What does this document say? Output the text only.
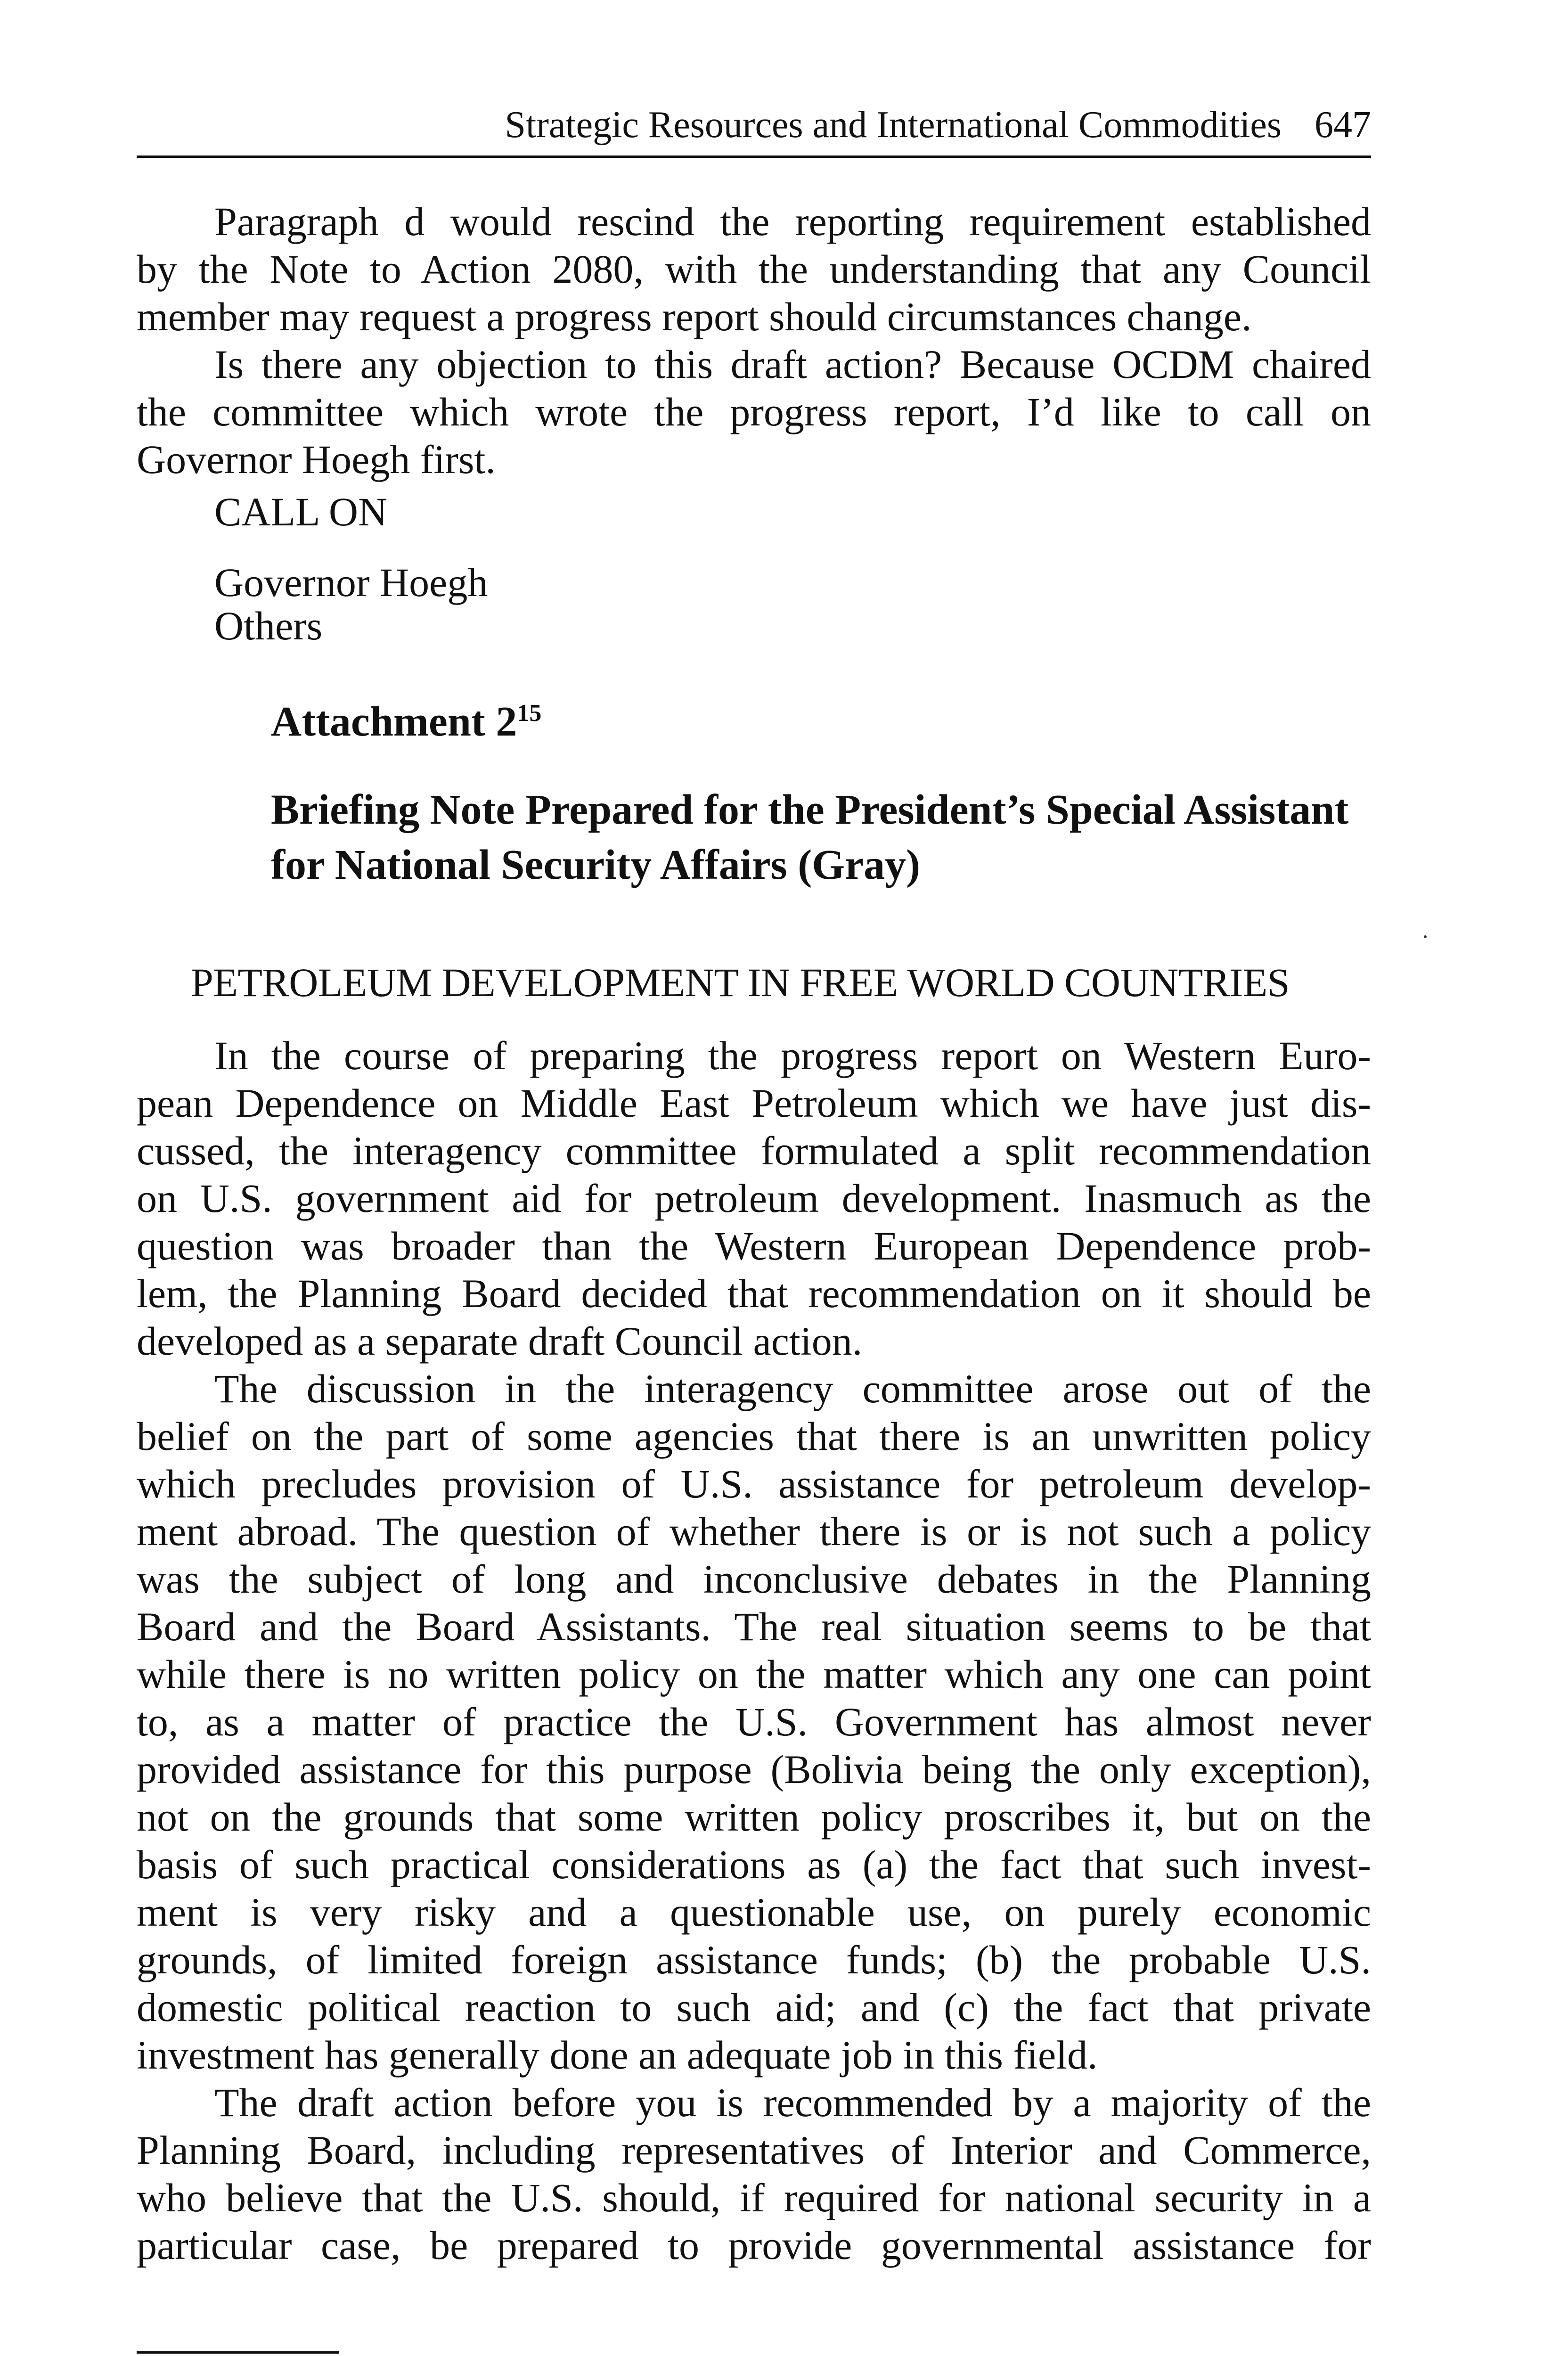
Strategic Resources and International Commodities 647
Paragraph d would rescind the reporting requirement established
by the Note to Action 2080, with the understanding that any Council
member may request a progress report should circumstances change.
Is there any objection to this draft action? Because OCDM chaired
the committee which wrote the progress report, I’d like to call on
Governor Hoegh first.
CALL ON
Governor Hoegh
Others
Attachment $2^{15}$
Briefing Note Prepared for the President’s Special Assistant
for National Security Affairs (Gray)
PETROLEUM DEVELOPMENT IN FREE WORLD COUNTRIES
In the course of preparing the progress report on Western Euro-
pean Dependence on Middle East Petroleum which we have just dis-
cussed, the interagency committee formulated a split recommendation
on U.S. government aid for petroleum development. Inasmuch as the
question was broader than the Western European Dependence prob-
lem, the Planning Board decided that recommendation on it should be
developed as a separate draft Council action.
The discussion in the interagency committee arose out of the
belief on the part of some agencies that there is an unwritten policy
which precludes provision of U.S. assistance for petroleum develop-
ment abroad. The question of whether there is or is not such a policy
was the subject of long and inconclusive debates in the Planning
Board and the Board Assistants. The real situation seems to be that
while there is no written policy on the matter which any one can point
to, as a matter of practice the U.S. Government has almost never
provided assistance for this purpose (Bolivia being the only exception),
not on the grounds that some written policy proscribes it, but on the
basis of such practical considerations as (a) the fact that such invest-
ment is very risky and a questionable use, on purely economic
grounds, of limited foreign assistance funds; (b) the probable U.S.
domestic political reaction to such aid; and (c) the fact that private
investment has generally done an adequate job in this field.
The draft action before you is recommended by a majority of the
Planning Board, including representatives of Interior and Commerce,
who believe that the U.S. should, if required for national security in a
particular case, be prepared to provide governmental assistance for
